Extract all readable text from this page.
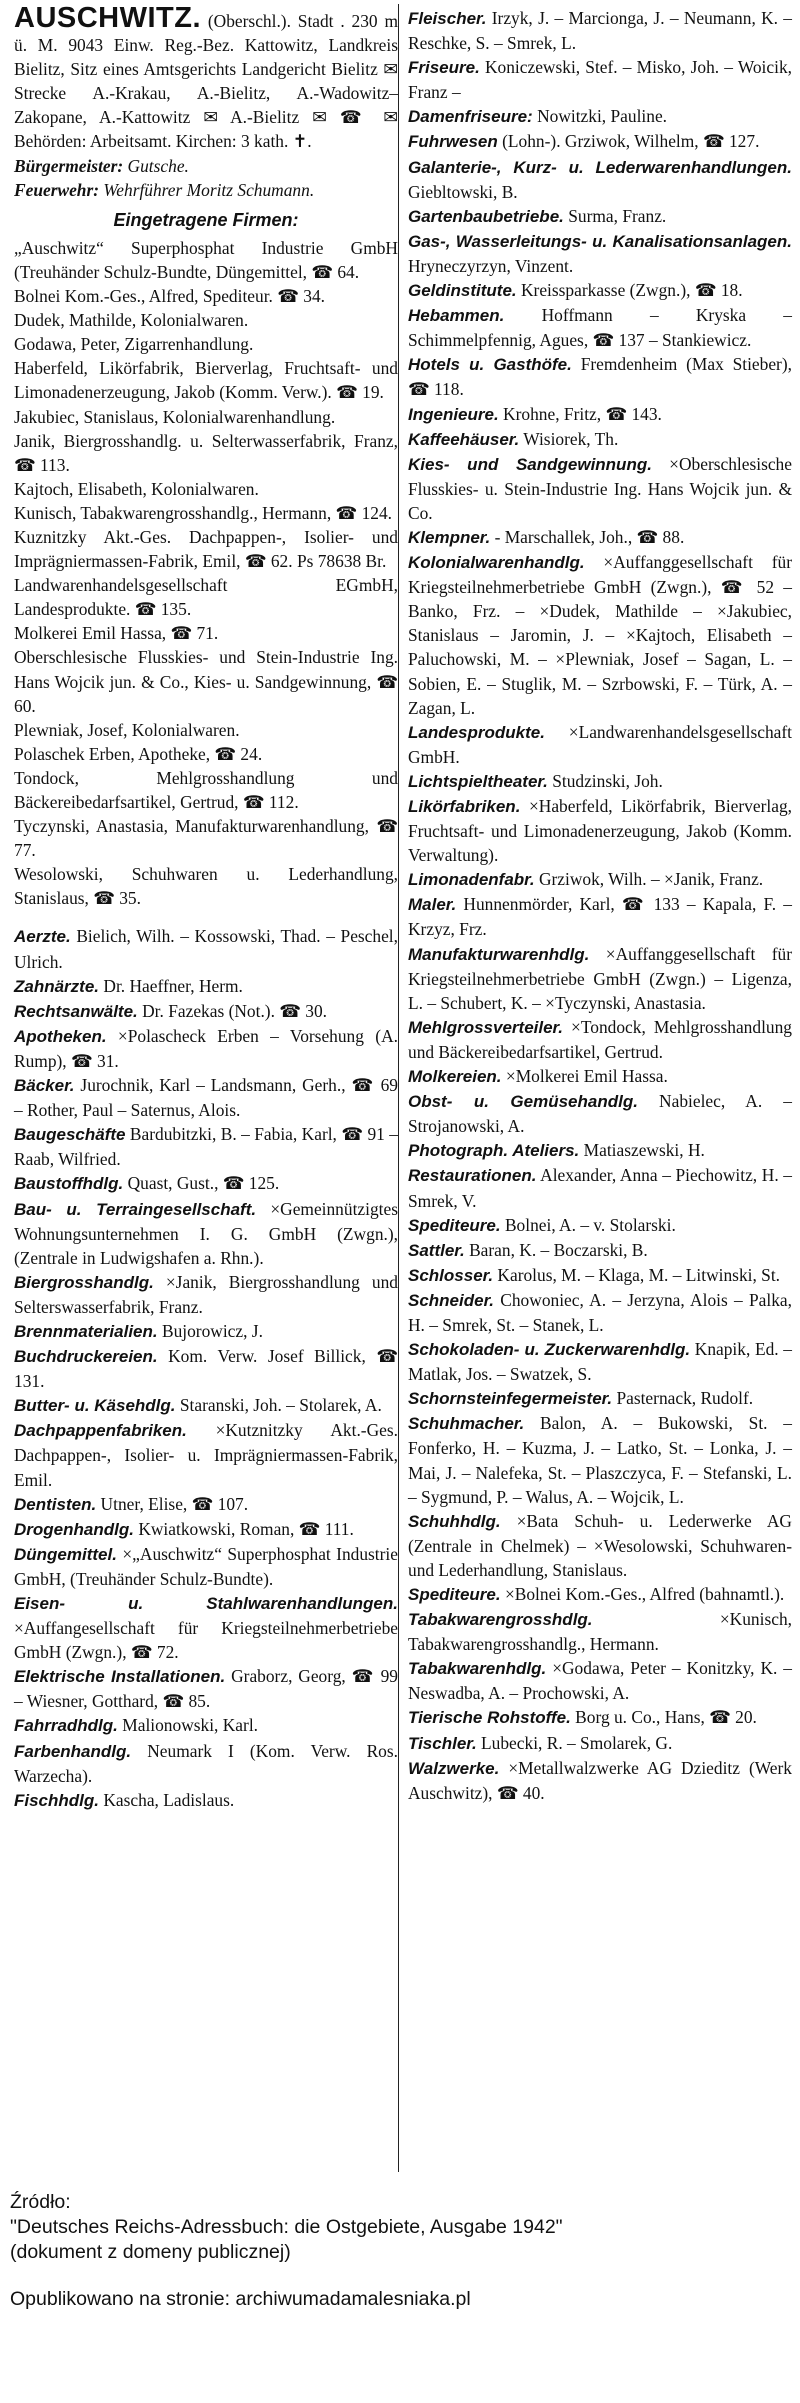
AUSCHWITZ. (Oberschl.). Stadt . 230 m ü. M. 9043 Einw. Reg.-Bez. Kattowitz, Landkreis Bielitz, Sitz eines Amtsgerichts Landgericht Bielitz ✉ Strecke A.-Krakau, A.-Bielitz, A.-Wadowitz–Zakopane, A.-Kattowitz ✉ A.-Bielitz ✉ ☎ ✉ Behörden: Arbeitsamt. Kirchen: 3 kath. ✝.

Bürgermeister: Gutsche.

Feuerwehr: Wehrführer Moritz Schumann.

Eingetragene Firmen:

„Auschwitz“ Superphosphat Industrie GmbH (Treuhänder Schulz-Bundte, Düngemittel, ☎ 64.

Bolnei Kom.-Ges., Alfred, Spediteur. ☎ 34.

Dudek, Mathilde, Kolonialwaren.

Godawa, Peter, Zigarrenhandlung.

Haberfeld, Likörfabrik, Bierverlag, Fruchtsaft- und Limonadenerzeugung, Jakob (Komm. Verw.). ☎ 19.

Jakubiec, Stanislaus, Kolonialwarenhandlung.

Janik, Biergrosshandlg. u. Selterwasserfabrik, Franz, ☎ 113.

Kajtoch, Elisabeth, Kolonialwaren.

Kunisch, Tabakwarengrosshandlg., Hermann, ☎ 124.

Kuznitzky Akt.-Ges. Dachpappen-, Isolier- und Imprägniermassen-Fabrik, Emil, ☎ 62. Ps 78638 Br.

Landwarenhandelsgesellschaft EGmbH, Landesprodukte. ☎ 135.

Molkerei Emil Hassa, ☎ 71.

Oberschlesische Flusskies- und Stein-Industrie Ing. Hans Wojcik jun. & Co., Kies- u. Sandgewinnung, ☎ 60.

Plewniak, Josef, Kolonialwaren.

Polaschek Erben, Apotheke, ☎ 24.

Tondock, Mehlgrosshandlung und Bäckereibedarfsartikel, Gertrud, ☎ 112.

Tyczynski, Anastasia, Manufakturwarenhandlung, ☎ 77.

Wesolowski, Schuhwaren u. Lederhandlung, Stanislaus, ☎ 35.

Aerzte. Bielich, Wilh. – Kossowski, Thad. – Peschel, Ulrich.

Zahnärzte. Dr. Haeffner, Herm.

Rechtsanwälte. Dr. Fazekas (Not.). ☎ 30.

Apotheken. ×Polascheck Erben – Vorsehung (A. Rump), ☎ 31.

Bäcker. Jurochnik, Karl – Landsmann, Gerh., ☎ 69 – Rother, Paul – Saternus, Alois.

Baugeschäfte Bardubitzki, B. – Fabia, Karl, ☎ 91 – Raab, Wilfried.

Baustoffhdlg. Quast, Gust., ☎ 125.

Bau- u. Terraingesellschaft. ×Gemeinnützigtes Wohnungsunternehmen I. G. GmbH (Zwgn.), (Zentrale in Ludwigshafen a. Rhn.).

Biergrosshandlg. ×Janik, Biergrosshandlung und Selterswasserfabrik, Franz.

Brennmaterialien. Bujorowicz, J.

Buchdruckereien. Kom. Verw. Josef Billick, ☎ 131.

Butter- u. Käsehdlg. Staranski, Joh. – Stolarek, A.

Dachpappenfabriken. ×Kutznitzky Akt.-Ges. Dachpappen-, Isolier- u. Imprägniermassen-Fabrik, Emil.

Dentisten. Utner, Elise, ☎ 107.

Drogenhandlg. Kwiatkowski, Roman, ☎ 111.

Düngemittel. ×„Auschwitz“ Superphosphat Industrie GmbH, (Treuhänder Schulz-Bundte).

Eisen- u. Stahlwarenhandlungen. ×Auffangesellschaft für Kriegsteilnehmerbetriebe GmbH (Zwgn.), ☎ 72.

Elektrische Installationen. Graborz, Georg, ☎ 99 – Wiesner, Gotthard, ☎ 85.

Fahrradhdlg. Malionowski, Karl.

Farbenhandlg. Neumark I (Kom. Verw. Ros. Warzecha).

Fischhdlg. Kascha, Ladislaus.

Fleischer. Irzyk, J. – Marcionga, J. – Neumann, K. – Reschke, S. – Smrek, L.

Friseure. Koniczewski, Stef. – Misko, Joh. – Woicik, Franz –

Damenfriseure: Nowitzki, Pauline.

Fuhrwesen (Lohn-). Grziwok, Wilhelm, ☎ 127.

Galanterie-, Kurz- u. Lederwarenhandlungen. Giebltowski, B.

Gartenbaubetriebe. Surma, Franz.

Gas-, Wasserleitungs- u. Kanalisationsanlagen. Hryneczyrzyn, Vinzent.

Geldinstitute. Kreissparkasse (Zwgn.), ☎ 18.

Hebammen. Hoffmann – Kryska – Schimmelpfennig, Agues, ☎ 137 – Stankiewicz.

Hotels u. Gasthöfe. Fremdenheim (Max Stieber), ☎ 118.

Ingenieure. Krohne, Fritz, ☎ 143.

Kaffeehäuser. Wisiorek, Th.

Kies- und Sandgewinnung. ×Oberschlesische Flusskies- u. Stein-Industrie Ing. Hans Wojcik jun. & Co.

Klempner. - Marschallek, Joh., ☎ 88.

Kolonialwarenhandlg. ×Auffanggesellschaft für Kriegsteilnehmerbetriebe GmbH (Zwgn.), ☎ 52 – Banko, Frz. – ×Dudek, Mathilde – ×Jakubiec, Stanislaus – Jaromin, J. – ×Kajtoch, Elisabeth – Paluchowski, M. – ×Plewniak, Josef – Sagan, L. – Sobien, E. – Stuglik, M. – Szrbowski, F. – Türk, A. – Zagan, L.

Landesprodukte. ×Landwarenhandelsgesellschaft GmbH.

Lichtspieltheater. Studzinski, Joh.

Likörfabriken. ×Haberfeld, Likörfabrik, Bierverlag, Fruchtsaft- und Limonadenerzeugung, Jakob (Komm. Verwaltung).

Limonadenfabr. Grziwok, Wilh. – ×Janik, Franz.

Maler. Hunnenmörder, Karl, ☎ 133 – Kapala, F. – Krzyz, Frz.

Manufakturwarenhdlg. ×Auffanggesellschaft für Kriegsteilnehmerbetriebe GmbH (Zwgn.) – Ligenza, L. – Schubert, K. – ×Tyczynski, Anastasia.

Mehlgrossverteiler. ×Tondock, Mehlgrosshandlung und Bäckereibedarfsartikel, Gertrud.

Molkereien. ×Molkerei Emil Hassa.

Obst- u. Gemüsehandlg. Nabielec, A. – Strojanowski, A.

Photograph. Ateliers. Matiaszewski, H.

Restaurationen. Alexander, Anna – Piechowitz, H. – Smrek, V.

Spediteure. Bolnei, A. – v. Stolarski.

Sattler. Baran, K. – Boczarski, B.

Schlosser. Karolus, M. – Klaga, M. – Litwinski, St.

Schneider. Chowoniec, A. – Jerzyna, Alois – Palka, H. – Smrek, St. – Stanek, L.

Schokoladen- u. Zuckerwarenhdlg. Knapik, Ed. – Matlak, Jos. – Swatzek, S.

Schornsteinfegermeister. Pasternack, Rudolf.

Schuhmacher. Balon, A. – Bukowski, St. – Fonferko, H. – Kuzma, J. – Latko, St. – Lonka, J. – Mai, J. – Nalefeka, St. – Plaszczyca, F. – Stefanski, L. – Sygmund, P. – Walus, A. – Wojcik, L.

Schuhhdlg. ×Bata Schuh- u. Lederwerke AG (Zentrale in Chelmek) – ×Wesolowski, Schuhwaren- und Lederhandlung, Stanislaus.

Spediteure. ×Bolnei Kom.-Ges., Alfred (bahnamtl.).

Tabakwarengrosshdlg.	×Kunisch, Tabakwarengrosshandlg., Hermann.

Tabakwarenhdlg. ×Godawa, Peter – Konitzky, K. – Neswadba, A. – Prochowski, A.

Tierische Rohstoffe. Borg u. Co., Hans, ☎ 20.

Tischler. Lubecki, R. – Smolarek, G.

Walzwerke. ×Metallwalzwerke AG Dzieditz (Werk Auschwitz), ☎ 40.

Źródło:

"Deutsches Reichs-Adressbuch: die Ostgebiete, Ausgabe 1942"

(dokument z domeny publicznej)

Opublikowano na stronie: archiwumadamalesniaka.pl
